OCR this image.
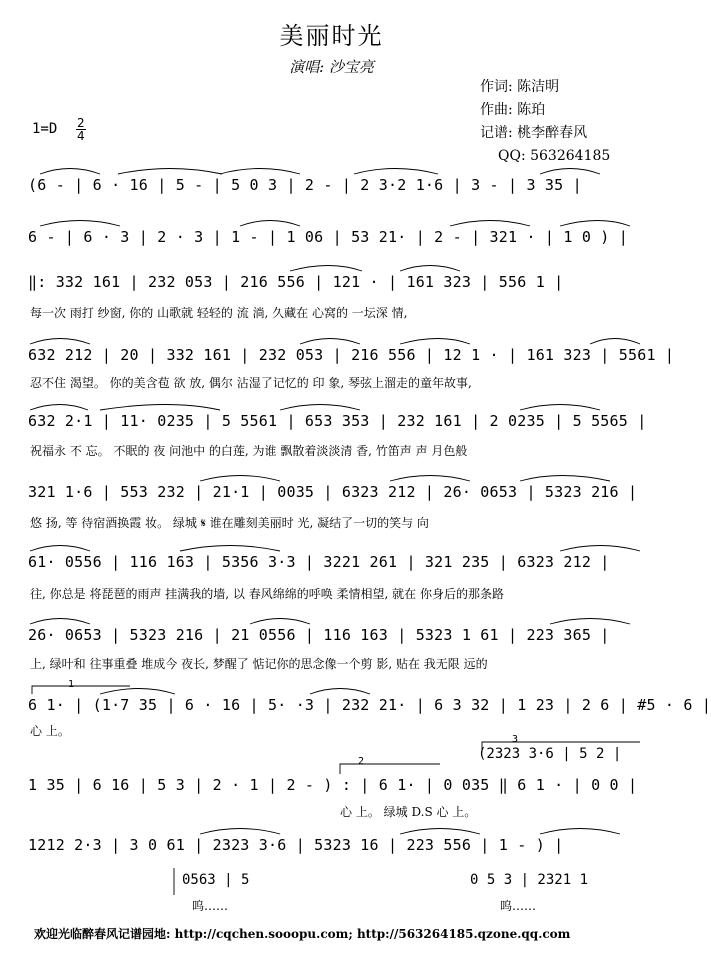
美丽时光
演唱: 沙宝亮
作词: 陈洁明
作曲: 陈珀
记谱: 桃李醉春风
QQ: 563264185
1=D 2
4
(6 - | 6 · 16 | 5 - | 5 0 3 | 2 - | 2 3·2 1·6 | 3 - | 3 35 |
6 - | 6 · 3 | 2 · 3 | 1 - | 1 06 | 53 21· | 2 - | 321 · | 1 0 ) |
‖: 332 161 | 232 053 | 216 556 | 121 · | 161 323 | 556 1 |
每一次 雨打 纱窗, 你的 山歌就 轻轻的 流 淌, 久藏在 心窝的 一坛深 情,
632 212 | 20 | 332 161 | 232 053 | 216 556 | 12 1 · | 161 323 | 5561 |
忍不住 渴望。 你的美含苞 欲 放, 偶尔 沾湿了记忆的 印 象, 琴弦上溜走的童年故事,
632 2·1 | 11· 0235 | 5 5561 | 653 353 | 232 161 | 2 0235 | 5 5565 |
祝福永 不 忘。 不眠的 夜 问池中 的白莲, 为谁 飘散着淡淡清 香, 竹笛声 声 月色般
321 1·6 | 553 232 | 21·1 | 0035 | 6323 212 | 26· 0653 | 5323 216 |
悠 扬, 等 待宿酒换霞 妆。 绿城 𝄋 谁在雕刻美丽时 光, 凝结了一切的笑与 向
61· 0556 | 116 163 | 5356 3·3 | 3221 261 | 321 235 | 6323 212 |
往, 你总是 将琵琶的雨声 挂满我的墙, 以 春风绵绵的呼唤 柔情相望, 就在 你身后的那条路
26· 0653 | 5323 216 | 21 0556 | 116 163 | 5323 1 61 | 223 365 |
上, 绿叶和 往事重叠 堆成今 夜长, 梦醒了 惦记你的思念像一个剪 影, 贴在 我无限 远的
1
6 1· | (1·7 35 | 6 · 16 | 5· ·3 | 232 21· | 6 3 32 | 1 23 | 2 6 | #5 · 6 |
心 上。
3
(2323 3·6 | 5 2 |
2
1 35 | 6 16 | 5 3 | 2 · 1 | 2 - ) : | 6 1· | 0 035 ‖ 6 1 · | 0 0 |
心 上。 绿城 D.S 心 上。
1212 2·3 | 3 0 61 | 2323 3·6 | 5323 16 | 223 556 | 1 - ) |
0563 | 5
呜……
0 5 3 | 2321 1
呜……
欢迎光临醉春风记谱园地: http://cqchen.sooopu.com; http://563264185.qzone.qq.com
